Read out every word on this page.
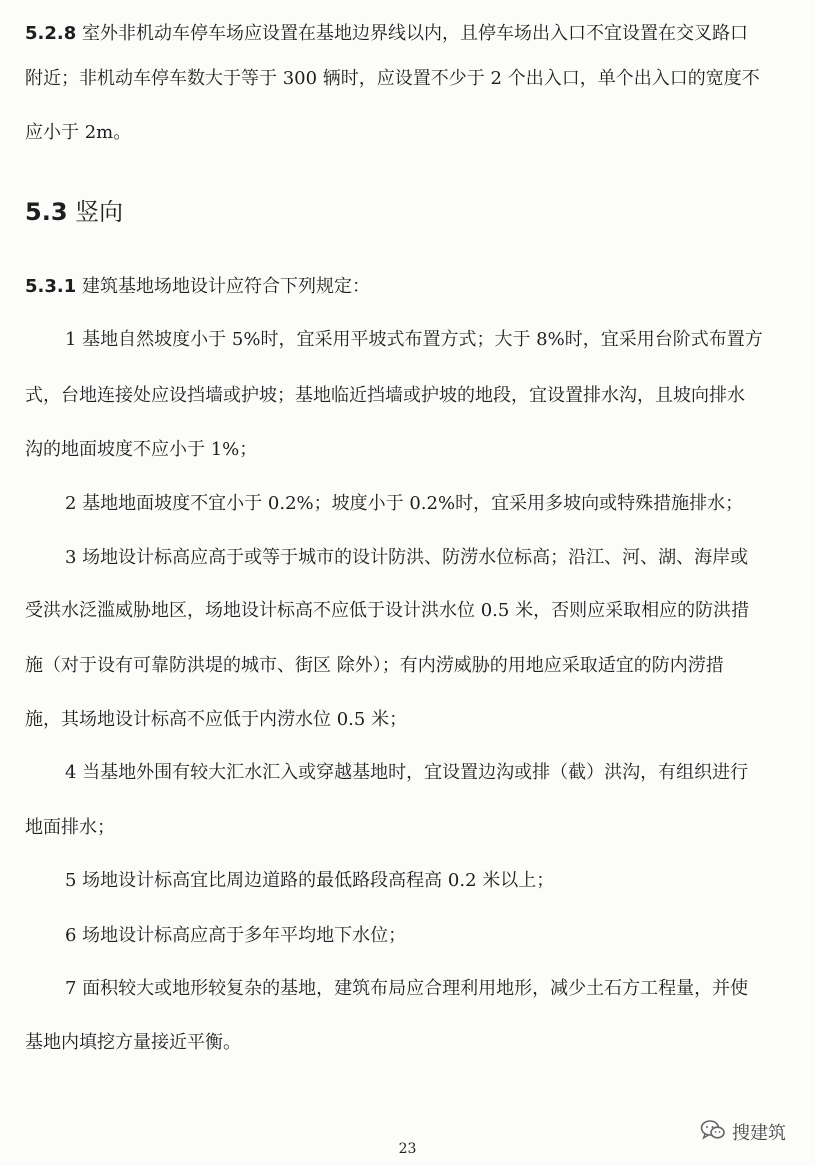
5.2.8 室外非机动车停车场应设置在基地边界线以内，且停车场出入口不宜设置在交叉路口
附近；非机动车停车数大于等于 300 辆时，应设置不少于 2 个出入口，单个出入口的宽度不
应小于 2m。
5.3 竖向
5.3.1 建筑基地场地设计应符合下列规定：
1 基地自然坡度小于 5%时，宜采用平坡式布置方式；大于 8%时，宜采用台阶式布置方
式，台地连接处应设挡墙或护坡；基地临近挡墙或护坡的地段，宜设置排水沟，且坡向排水
沟的地面坡度不应小于 1%；
2 基地地面坡度不宜小于 0.2%；坡度小于 0.2%时，宜采用多坡向或特殊措施排水；
3 场地设计标高应高于或等于城市的设计防洪、防涝水位标高；沿江、河、湖、海岸或
受洪水泛滥威胁地区，场地设计标高不应低于设计洪水位 0.5 米，否则应采取相应的防洪措
施（对于设有可靠防洪堤的城市、街区 除外）；有内涝威胁的用地应采取适宜的防内涝措
施，其场地设计标高不应低于内涝水位 0.5 米；
4 当基地外围有较大汇水汇入或穿越基地时，宜设置边沟或排（截）洪沟，有组织进行
地面排水；
5 场地设计标高宜比周边道路的最低路段高程高 0.2 米以上；
6 场地设计标高应高于多年平均地下水位；
7 面积较大或地形较复杂的基地，建筑布局应合理利用地形，减少土石方工程量，并使
基地内填挖方量接近平衡。
搜建筑
23
